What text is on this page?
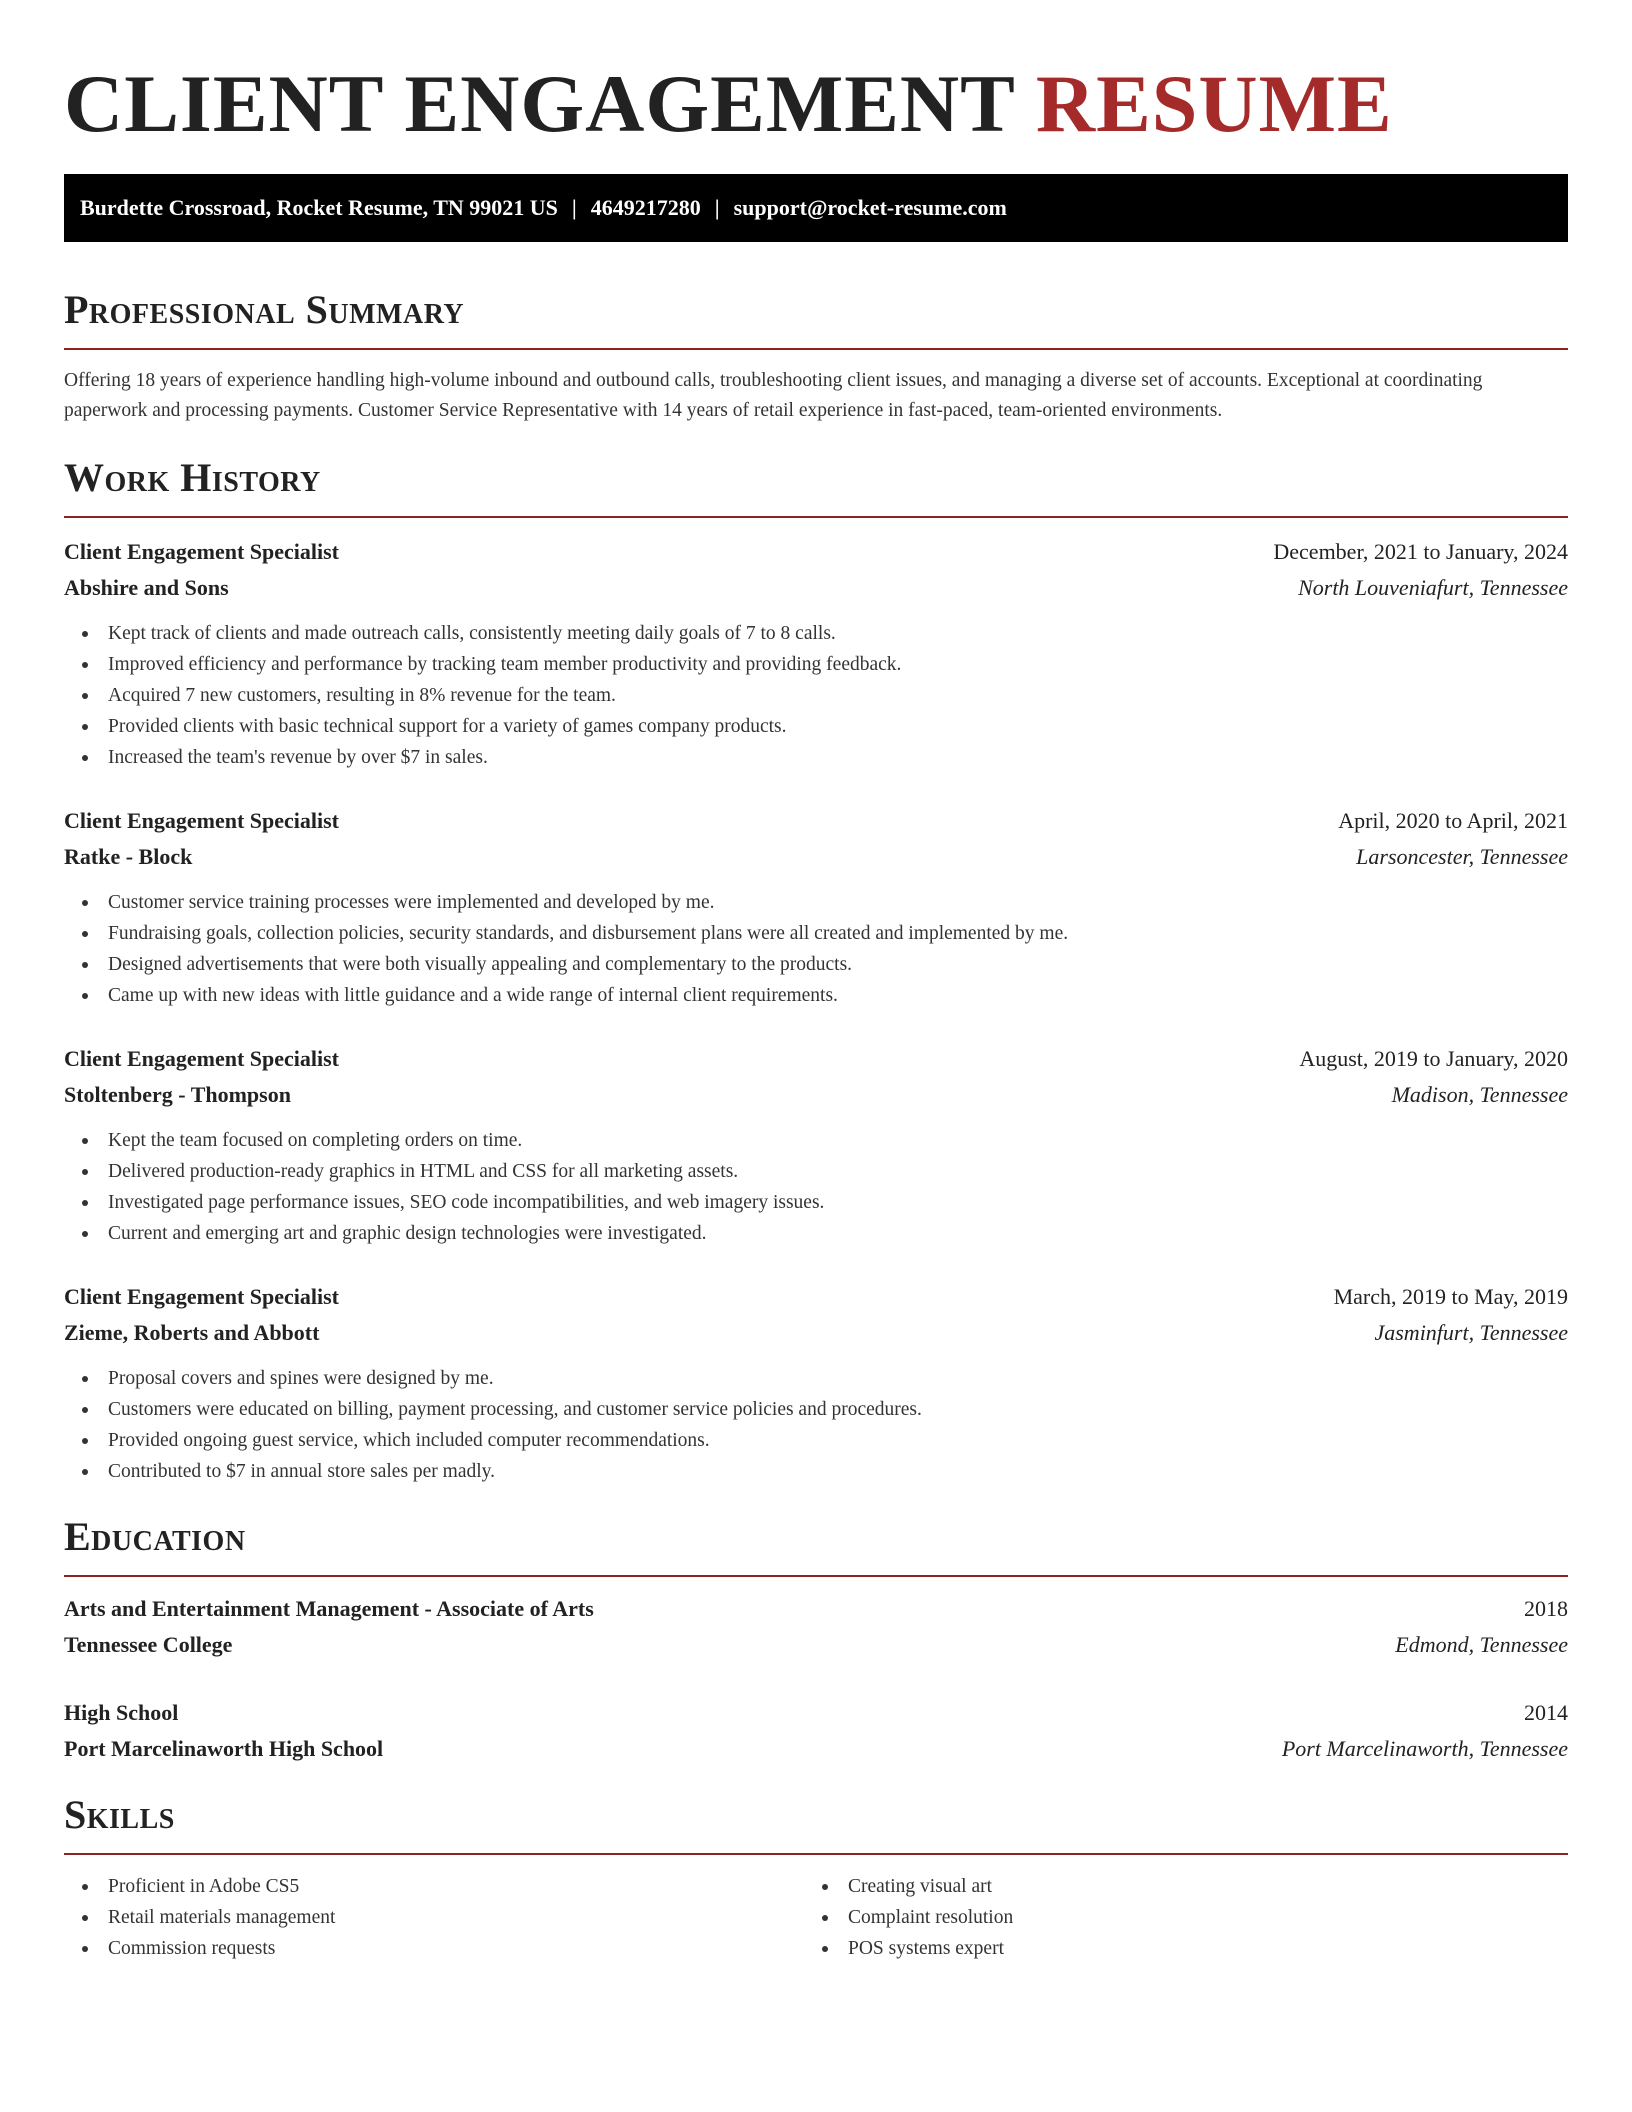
CLIENT ENGAGEMENT RESUME
Burdette Crossroad, Rocket Resume, TN 99021 US | 4649217280 | support@rocket-resume.com
Professional Summary

Offering 18 years of experience handling high-volume inbound and outbound calls, troubleshooting client issues, and managing a diverse set of accounts. Exceptional at coordinating paperwork and processing payments. Customer Service Representative with 14 years of retail experience in fast-paced, team-oriented environments.

Work History
Client Engagement Specialist	December, 2021 to January, 2024
Abshire and Sons	North Louveniafurt, Tennessee
Kept track of clients and made outreach calls, consistently meeting daily goals of 7 to 8 calls.
Improved efficiency and performance by tracking team member productivity and providing feedback.
Acquired 7 new customers, resulting in 8% revenue for the team.
Provided clients with basic technical support for a variety of games company products.
Increased the team's revenue by over $7 in sales.
Client Engagement Specialist	April, 2020 to April, 2021
Ratke - Block	Larsoncester, Tennessee
Customer service training processes were implemented and developed by me.
Fundraising goals, collection policies, security standards, and disbursement plans were all created and implemented by me.
Designed advertisements that were both visually appealing and complementary to the products.
Came up with new ideas with little guidance and a wide range of internal client requirements.
Client Engagement Specialist	August, 2019 to January, 2020
Stoltenberg - Thompson	Madison, Tennessee
Kept the team focused on completing orders on time.
Delivered production-ready graphics in HTML and CSS for all marketing assets.
Investigated page performance issues, SEO code incompatibilities, and web imagery issues.
Current and emerging art and graphic design technologies were investigated.
Client Engagement Specialist	March, 2019 to May, 2019
Zieme, Roberts and Abbott	Jasminfurt, Tennessee
Proposal covers and spines were designed by me.
Customers were educated on billing, payment processing, and customer service policies and procedures.
Provided ongoing guest service, which included computer recommendations.
Contributed to $7 in annual store sales per madly.
Education
Arts and Entertainment Management - Associate of Arts	2018
Tennessee College	Edmond, Tennessee
High School	2014
Port Marcelinaworth High School	Port Marcelinaworth, Tennessee
Skills
Proficient in Adobe CS5
Retail materials management
Commission requests
Creating visual art
Complaint resolution
POS systems expert
